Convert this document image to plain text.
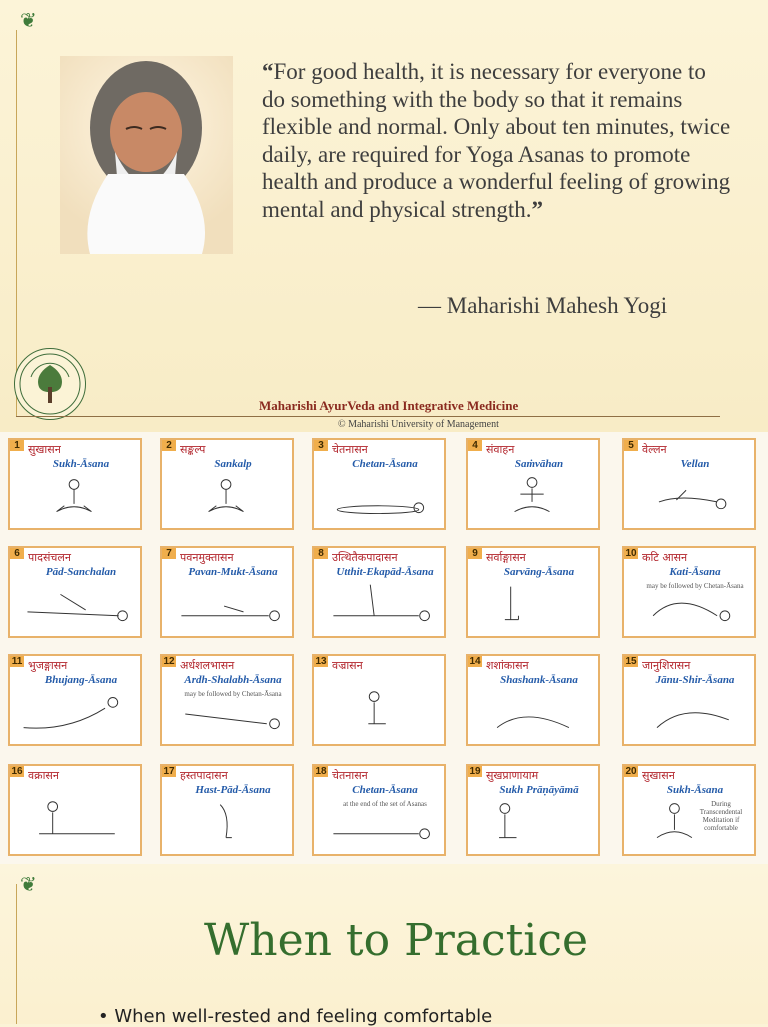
❦
“For good health, it is necessary for everyone to do something with the body so that it remains flexible and normal. Only about ten minutes, twice daily, are required for Yoga Asanas to promote health and produce a wonderful feeling of growing mental and physical strength.”
— Maharishi Mahesh Yogi
Maharishi AyurVeda and Integrative Medicine
© Maharishi University of Management
1 सुखासन
Sukh-Āsana
2 सङ्कल्प
Sankalp
3 चेतनासन
Chetan-Āsana
4 संवाहन
Saṁvāhan
5 वेल्लन
Vellan
6 पादसंचलन
Pād-Sanchalan
7 पवनमुक्तासन
Pavan-Mukt-Āsana
8 उत्थितैकपादासन
Utthit-Ekapād-Āsana
9 सर्वाङ्गासन
Sarvāng-Āsana
10 कटि आसन
Kati-Āsana
may be followed by Chetan-Āsana
11 भुजङ्गासन
Bhujang-Āsana
12 अर्धशलभासन
Ardh-Shalabh-Āsana
may be followed by Chetan-Āsana
13 वज्रासन	14 शशांकासन
Shashank-Āsana
15 जानुशिरासन
Jānu-Shir-Āsana
16 वक्रासन	17 हस्तपादासन
Hast-Pād-Āsana
18 चेतनासन
Chetan-Āsana
at the end of the set of Asanas
19 सुखप्राणायाम
Sukh Prāṇāyāmā
20 सुखासन
Sukh-Āsana
During Transcendental Meditation if comfortable
❦
When to Practice
• When well-rested and feeling comfortable
